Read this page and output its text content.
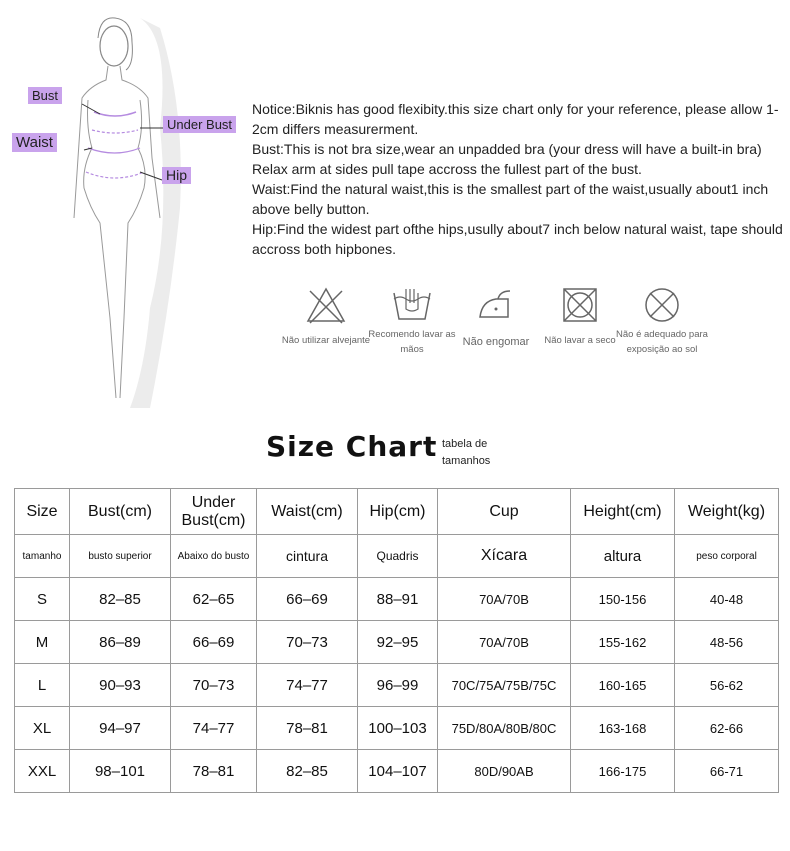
Bust
Waist
Under Bust
Hip

Notice:Biknis has good flexibity.this size chart only for your reference, please allow 1-2cm differs measurerment.

Bust:This is not bra size,wear an unpadded bra (your dress will have a built-in bra) Relax arm at sides pull tape accross the fullest part of the bust.

Waist:Find the natural waist,this is the smallest part of the waist,usually about1 inch above belly button.

Hip:Find the widest part ofthe hips,usully about7 inch below natural waist, tape should accross both hipbones.

Não utilizar alvejante
Recomendo lavar as mãos
Não engomar	Não lavar a seco
Não é adequado para exposição ao sol
Size Chart tabela de tamanhos
Size	Bust(cm)	Under Bust(cm)	Waist(cm)	Hip(cm)	Cup	Height(cm)	Weight(kg)
tamanho	busto superior	Abaixo do busto	cintura	Quadris	Xícara	altura	peso corporal
S	82–85	62–65	66–69	88–91	70A/70B	150-156	40-48
M	86–89	66–69	70–73	92–95	70A/70B	155-162	48-56
L	90–93	70–73	74–77	96–99	70C/75A/75B/75C	160-165	56-62
XL	94–97	74–77	78–81	100–103	75D/80A/80B/80C	163-168	62-66
XXL	98–101	78–81	82–85	104–107	80D/90AB	166-175	66-71
